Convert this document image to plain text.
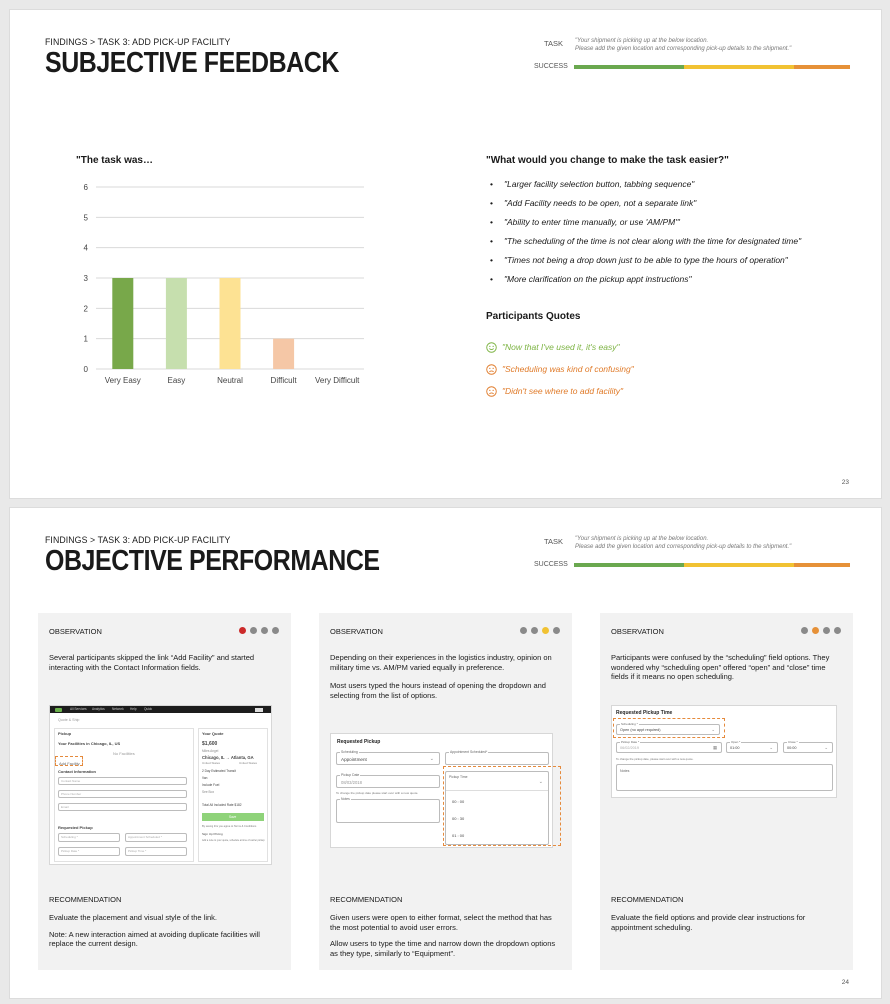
FINDINGS > TASK 3: ADD PICK-UP FACILITY
SUBJECTIVE FEEDBACK
TASK "Your shipment is picking up at the below location.
Please add the given location and corresponding pick-up details to the shipment."
SUCCESS
"The task was…
0
1
2
3
4
5
6
Very Easy	Easy	Neutral	Difficult Very Difficult
"What would you change to make the task easier?"
•	"Larger facility selection button, tabbing sequence"
•	"Add Facility needs to be open, not a separate link"
•	"Ability to enter time manually, or use 'AM/PM'"
•	"The scheduling of the time is not clear along with the time for designated time"
•	"Times not being a drop down just to be able to type the hours of operation"
•	"More clarification on the pickup appt instructions"
Participants Quotes
"Now that I've used it, it's easy"
"Scheduling was kind of confusing"
"Didn't see where to add facility"
23
FINDINGS > TASK 3: ADD PICK-UP FACILITY
OBJECTIVE PERFORMANCE
TASK "Your shipment is picking up at the below location.
Please add the given location and corresponding pick-up details to the shipment."
SUCCESS
OBSERVATION

Several participants skipped the link “Add Facility” and started interacting with the Contact Information fields.

All Services Analytics Network Help Quick
Quote & Ship
Pickup
Your Facilities in Chicago, IL, US
No Facilities
Add Facility
Contact Information
Contact Name
Phone Number
Email
Requested Pickup
Scheduling *	Appointment Scheduled *
Pickup Date *	Pickup Time *
Your Quote
$1,600
Miles Angel
Chicago, IL → Atlanta, GA
United States	United States
2 Day Estimated Transit
Van
Include Fuel
See Box
Total All Included Rate $182
Save
By saving this you agree to Terms & Conditions
Sign Up Pricing
Add a note to your quote, schedule at time of carrier pickup
RECOMMENDATION

Evaluate the placement and visual style of the link.

Note: A new interaction aimed at avoiding duplicate facilities will replace the current design.

OBSERVATION

Depending on their experiences in the logistics industry, opinion on military time vs. AM/PM varied equally in preference.

Most users typed the hours instead of opening the dropdown and selecting from the list of options.

Requested Pickup
Scheduling
Appointment	⌄
Appointment Scheduled*
Pickup Date
08/03/2018
To change the pickup date please start over with a new quote.
Notes
Pickup Time
⌄
00 : 00
00 : 30
01 : 00
RECOMMENDATION

Given users were open to either format, select the method that has the most potential to avoid user errors.

Allow users to type the time and narrow down the dropdown options as they type, similarly to “Equipment”.

OBSERVATION

Participants were confused by the “scheduling” field options. They wondered why “scheduling open” offered “open” and “close” time fields if it means no open scheduling.

Requested Pickup Time
Scheduling *
Open (no appt required)	⌄
Pickup Date *
06/02/2019	▦
Open *
01:00	⌄
Close *
00:00	⌄
To change the pickup date, please start over with a new quote.
Notes
RECOMMENDATION

Evaluate the field options and provide clear instructions for appointment scheduling.

24
